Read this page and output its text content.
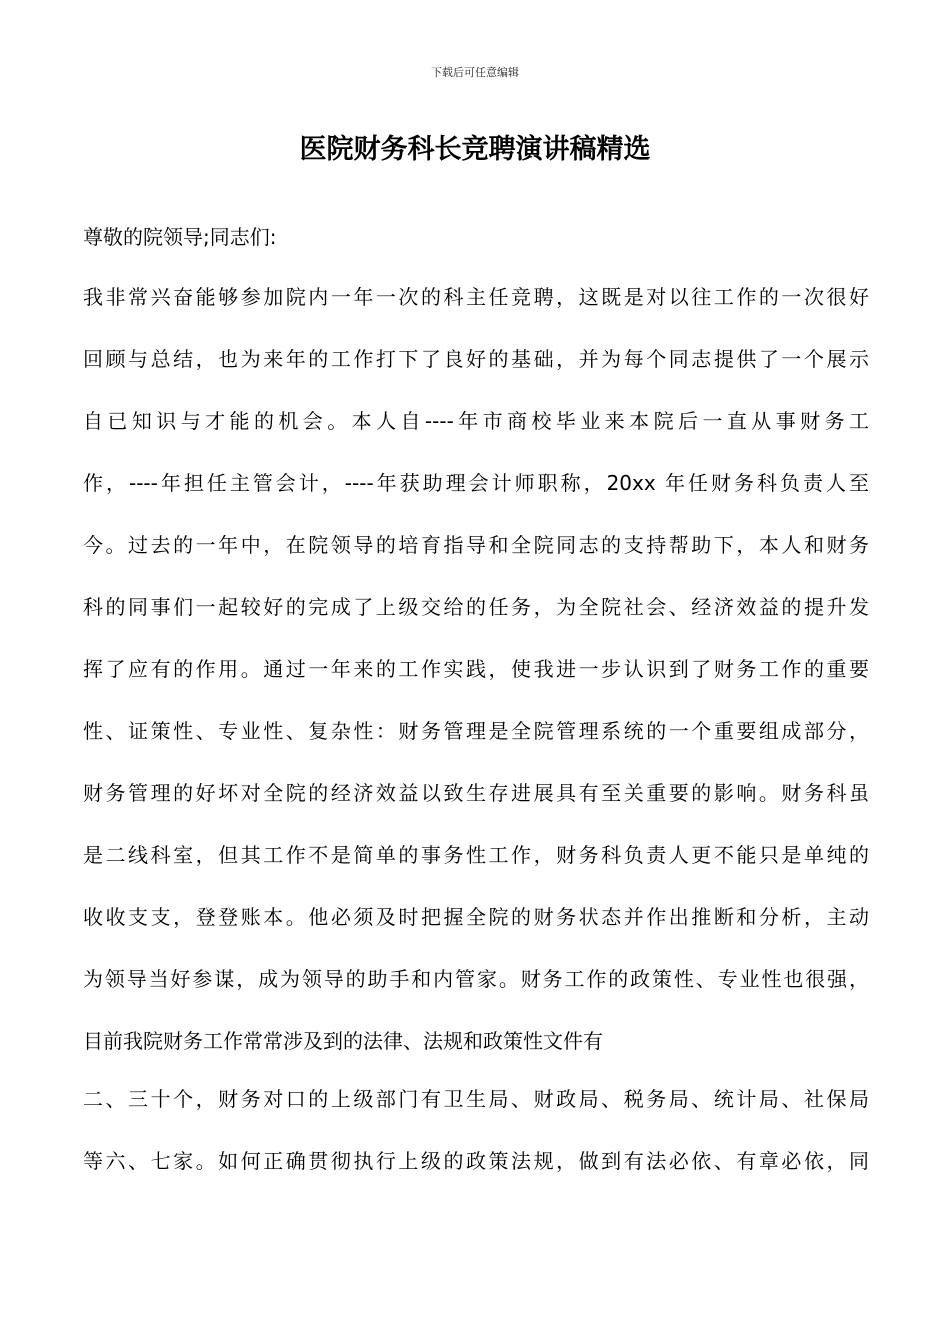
下载后可任意编辑
医院财务科长竞聘演讲稿精选
尊敬的院领导;同志们:
我非常兴奋能够参加院内一年一次的科主任竞聘，这既是对以往工作的一次很好
回顾与总结，也为来年的工作打下了良好的基础，并为每个同志提供了一个展示
自已知识与才能的机会。本人自----年市商校毕业来本院后一直从事财务工
作，----年担任主管会计，----年获助理会计师职称，20xx 年任财务科负责人至
今。过去的一年中，在院领导的培育指导和全院同志的支持帮助下，本人和财务
科的同事们一起较好的完成了上级交给的任务，为全院社会、经济效益的提升发
挥了应有的作用。通过一年来的工作实践，使我进一步认识到了财务工作的重要
性、证策性、专业性、复杂性：财务管理是全院管理系统的一个重要组成部分，
财务管理的好坏对全院的经济效益以致生存进展具有至关重要的影响。财务科虽
是二线科室，但其工作不是简单的事务性工作，财务科负责人更不能只是单纯的
收收支支，登登账本。他必须及时把握全院的财务状态并作出推断和分析，主动
为领导当好参谋，成为领导的助手和内管家。财务工作的政策性、专业性也很强，
目前我院财务工作常常涉及到的法律、法规和政策性文件有
二、三十个，财务对口的上级部门有卫生局、财政局、税务局、统计局、社保局
等六、七家。如何正确贯彻执行上级的政策法规，做到有法必依、有章必依，同
